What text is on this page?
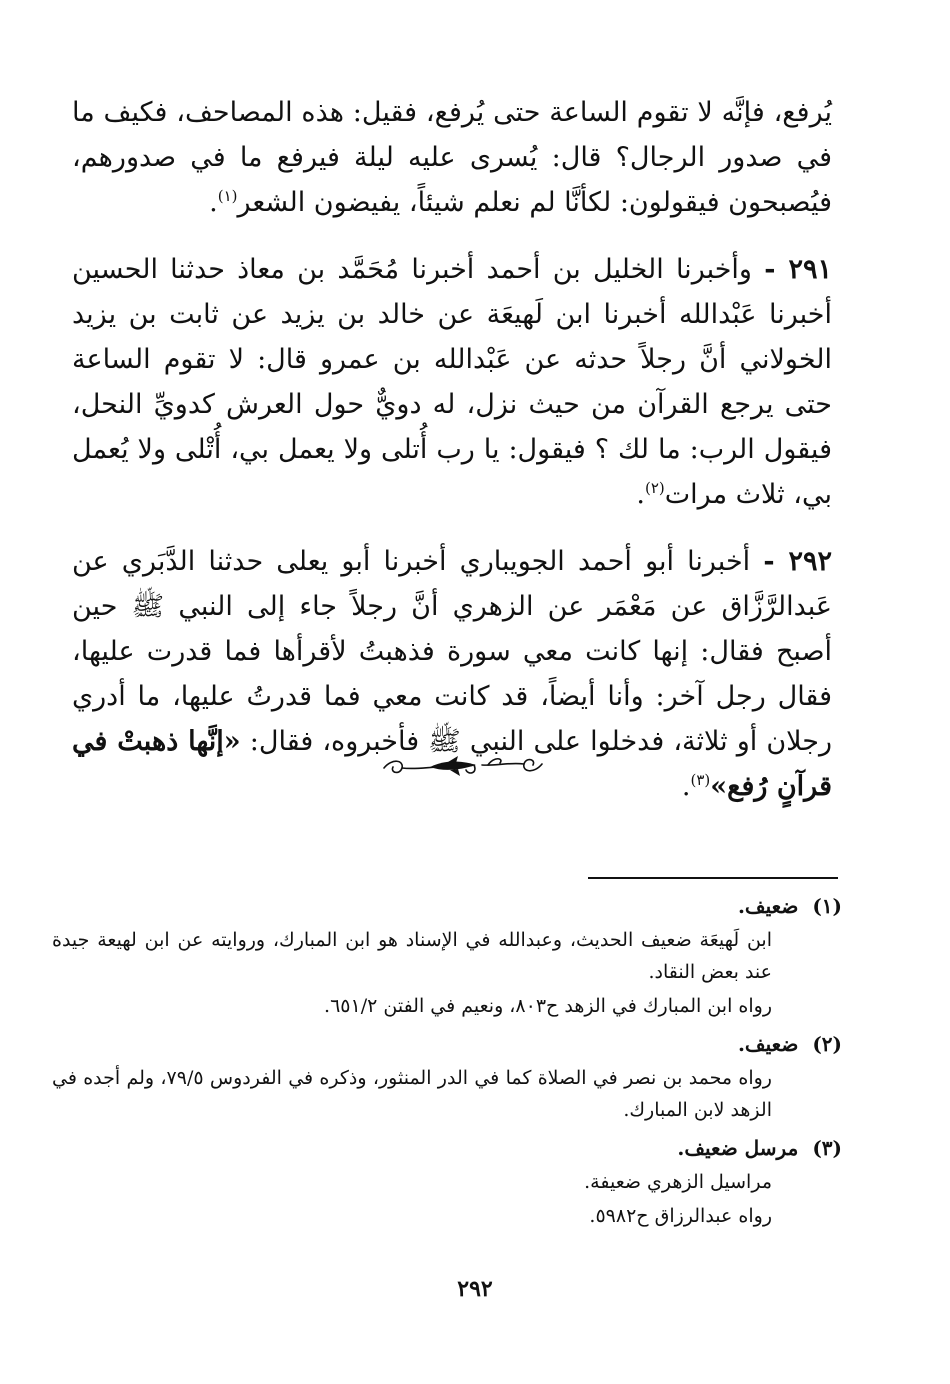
يُرفع، فإنَّه لا تقوم الساعة حتى يُرفع، فقيل: هذه المصاحف، فكيف ما في صدور الرجال؟ قال: يُسرى عليه ليلة فيرفع ما في صدورهم، فيُصبحون فيقولون: لكأنَّا لم نعلم شيئاً، يفيضون الشعر$^{(١)}$.

٢٩١ - وأخبرنا الخليل بن أحمد أخبرنا مُحَمَّد بن معاذ حدثنا الحسين أخبرنا عَبْدالله أخبرنا ابن لَهيعَة عن خالد بن يزيد عن ثابت بن يزيد الخولاني أنَّ رجلاً حدثه عن عَبْدالله بن عمرو قال: لا تقوم الساعة حتى يرجع القرآن من حيث نزل، له دويٌّ حول العرش كدويِّ النحل، فيقول الرب: ما لك ؟ فيقول: يا رب أُتلى ولا يعمل بي، أُتْلى ولا يُعمل بي، ثلاث مرات$^{(٢)}$.

٢٩٢ - أخبرنا أبو أحمد الجويباري أخبرنا أبو يعلى حدثنا الدَّبَري عن عَبدالرَّزَّاق عن مَعْمَر عن الزهري أنَّ رجلاً جاء إلى النبي ﷺ حين أصبح فقال: إنها كانت معي سورة فذهبتُ لأقرأها فما قدرت عليها، فقال رجل آخر: وأنا أيضاً، قد كانت معي فما قدرتُ عليها، ما أدري رجلان أو ثلاثة، فدخلوا على النبي ﷺ فأخبروه، فقال: «إنَّها ذهبتْ في قرآنٍ رُفع»$^{(٣)}$.

(١)
ضعيف.

ابن لَهيعَة ضعيف الحديث، وعبدالله في الإسناد هو ابن المبارك، وروايته عن ابن لهيعة جيدة عند بعض النقاد.

رواه ابن المبارك في الزهد ح٨٠٣، ونعيم في الفتن ٦٥١/٢.

(٢)
ضعيف.

رواه محمد بن نصر في الصلاة كما في الدر المنثور، وذكره في الفردوس ٧٩/٥، ولم أجده في الزهد لابن المبارك.

(٣)
مرسل ضعيف.

مراسيل الزهري ضعيفة.

رواه عبدالرزاق ح٥٩٨٢.

٢٩٢
